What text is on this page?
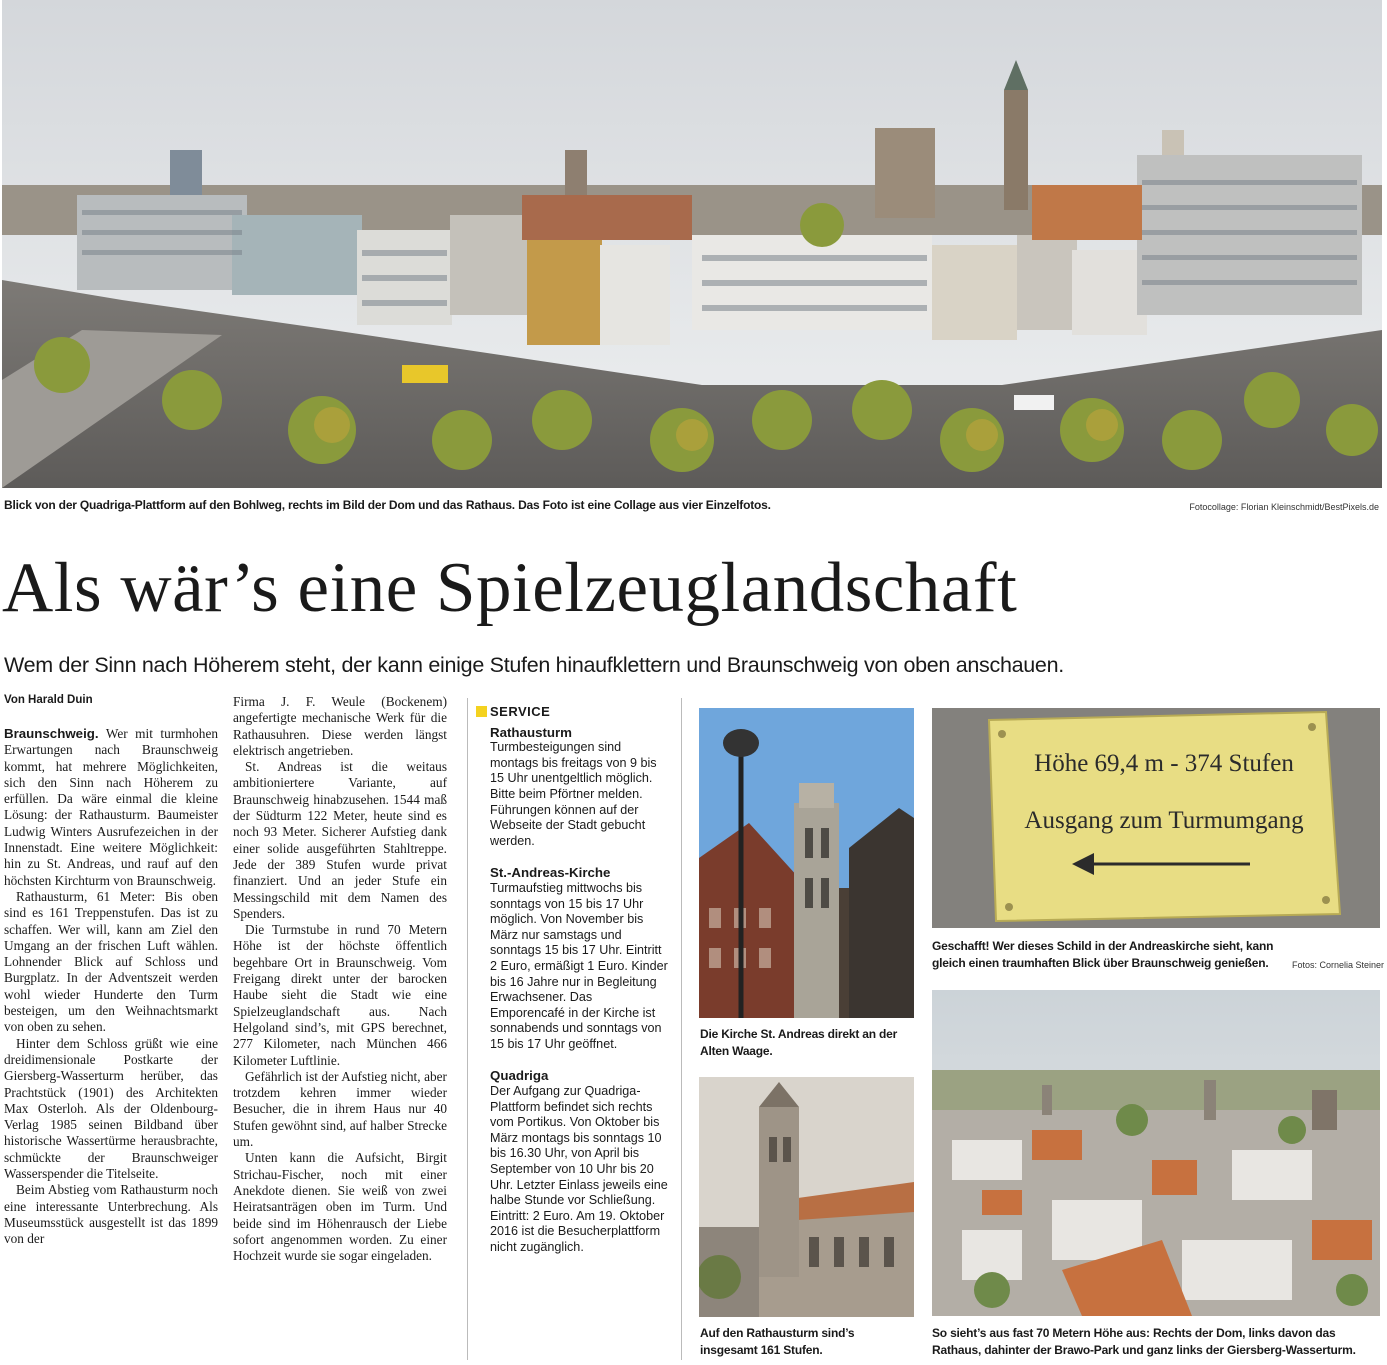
Blick von der Quadriga-Plattform auf den Bohlweg, rechts im Bild der Dom und das Rathaus. Das Foto ist eine Collage aus vier Einzelfotos.	Fotocollage: Florian Kleinschmidt/BestPixels.de
Als wär’s eine Spielzeuglandschaft
Wem der Sinn nach Höherem steht, der kann einige Stufen hinaufklettern und Braunschweig von oben anschauen.
Von Harald Duin

Braunschweig. Wer mit turmhohen Erwartungen nach Braunschweig kommt, hat mehrere Möglichkeiten, sich den Sinn nach Höherem zu erfüllen. Da wäre einmal die kleine Lösung: der Rathausturm. Baumeister Ludwig Winters Ausrufezeichen in der Innenstadt. Eine weitere Möglichkeit: hin zu St. Andreas, und rauf auf den höchsten Kirchturm von Braunschweig.

Rathausturm, 61 Meter: Bis oben sind es 161 Treppenstufen. Das ist zu schaffen. Wer will, kann am Ziel den Umgang an der frischen Luft wählen. Lohnender Blick auf Schloss und Burgplatz. In der Adventszeit werden wohl wieder Hunderte den Turm besteigen, um den Weihnachtsmarkt von oben zu sehen.

Hinter dem Schloss grüßt wie eine dreidimensionale Postkarte der Giersberg-Wasserturm herüber, das Prachtstück (1901) des Architekten Max Osterloh. Als der Oldenbourg-Verlag 1985 seinen Bildband über historische Wassertürme herausbrachte, schmückte der Braunschweiger Wasserspender die Titelseite.

Beim Abstieg vom Rathausturm noch eine interessante Unterbrechung. Als Museumsstück ausgestellt ist das 1899 von der

Firma J. F. Weule (Bockenem) angefertigte mechanische Werk für die Rathausuhren. Diese werden längst elektrisch angetrieben.

St. Andreas ist die weitaus ambitioniertere Variante, auf Braunschweig hinabzusehen. 1544 maß der Südturm 122 Meter, heute sind es noch 93 Meter. Sicherer Aufstieg dank einer solide ausgeführten Stahltreppe. Jede der 389 Stufen wurde privat finanziert. Und an jeder Stufe ein Messingschild mit dem Namen des Spenders.

Die Turmstube in rund 70 Metern Höhe ist der höchste öffentlich begehbare Ort in Braunschweig. Vom Freigang direkt unter der barocken Haube sieht die Stadt wie eine Spielzeuglandschaft aus. Nach Helgoland sind’s, mit GPS berechnet, 277 Kilometer, nach München 466 Kilometer Luftlinie.

Gefährlich ist der Aufstieg nicht, aber trotzdem kehren immer wieder Besucher, die in ihrem Haus nur 40 Stufen gewöhnt sind, auf halber Strecke um.

Unten kann die Aufsicht, Birgit Strichau-Fischer, noch mit einer Anekdote dienen. Sie weiß von zwei Heiratsanträgen oben im Turm. Und beide sind im Höhenrausch der Liebe sofort angenommen worden. Zu einer Hochzeit wurde sie sogar eingeladen.

SERVICE
Rathausturm

Turmbesteigungen sind montags bis freitags von 9 bis 15 Uhr unentgeltlich möglich. Bitte beim Pförtner melden. Führungen können auf der Webseite der Stadt gebucht werden.

St.-Andreas-Kirche

Turmaufstieg mittwochs bis sonntags von 15 bis 17 Uhr möglich. Von November bis März nur samstags und sonntags 15 bis 17 Uhr. Eintritt 2 Euro, ermäßigt 1 Euro. Kinder bis 16 Jahre nur in Begleitung Erwachsener. Das Emporencafé in der Kirche ist sonnabends und sonntags von 15 bis 17 Uhr geöffnet.

Quadriga

Der Aufgang zur Quadriga-Plattform befindet sich rechts vom Portikus. Von Oktober bis März montags bis sonntags 10 bis 16.30 Uhr, von April bis September von 10 Uhr bis 20 Uhr. Letzter Einlass jeweils eine halbe Stunde vor Schließung. Eintritt: 2 Euro. Am 19. Oktober 2016 ist die Besucherplattform nicht zugänglich.

Die Kirche St. Andreas direkt an der Alten Waage.
Auf den Rathausturm sind’s insgesamt 161 Stufen.
Höhe 69,4 m - 374 Stufen
Ausgang zum Turmumgang
Geschafft! Wer dieses Schild in der Andreaskirche sieht, kann gleich einen traumhaften Blick über Braunschweig genießen.	Fotos: Cornelia Steiner
So sieht’s aus fast 70 Metern Höhe aus: Rechts der Dom, links davon das Rathaus, dahinter der Brawo-Park und ganz links der Giersberg-Wasserturm.
